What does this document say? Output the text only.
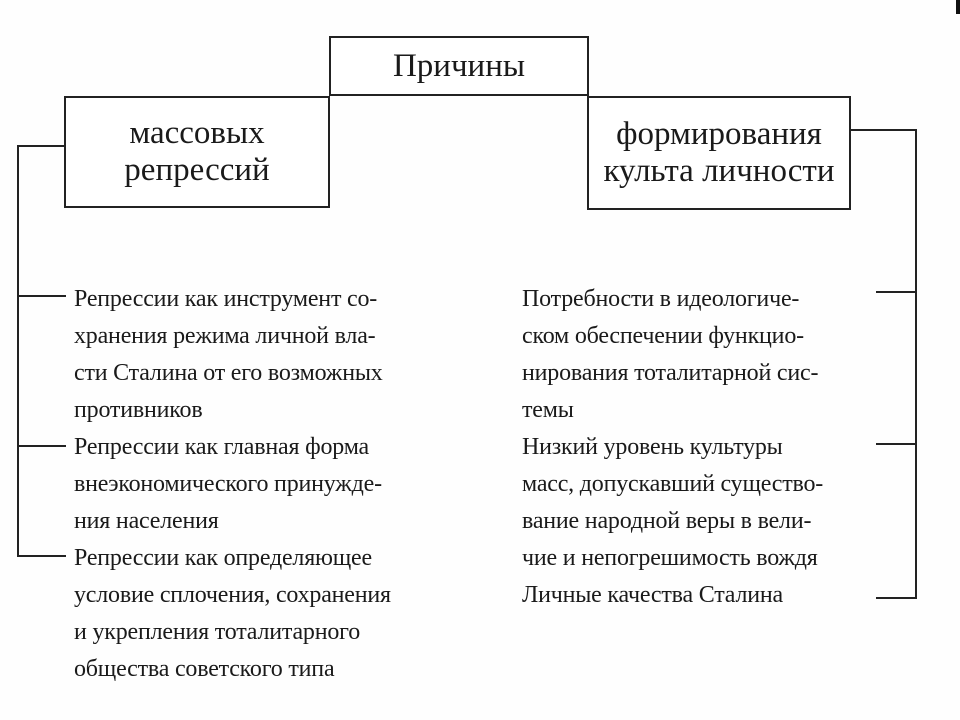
Причины
массовых
репрессий
формирования
культа личности
Репрессии как инструмент со-
хранения режима личной вла-
сти Сталина от его возможных
противников
Репрессии как главная форма
внеэкономического принужде-
ния населения
Репрессии как определяющее
условие сплочения, сохранения
и укрепления тоталитарного
общества советского типа
Потребности в идеологиче-
ском обеспечении функцио-
нирования тоталитарной сис-
темы
Низкий уровень культуры
масс, допускавший существо-
вание народной веры в вели-
чие и непогрешимость вождя
Личные качества Сталина
